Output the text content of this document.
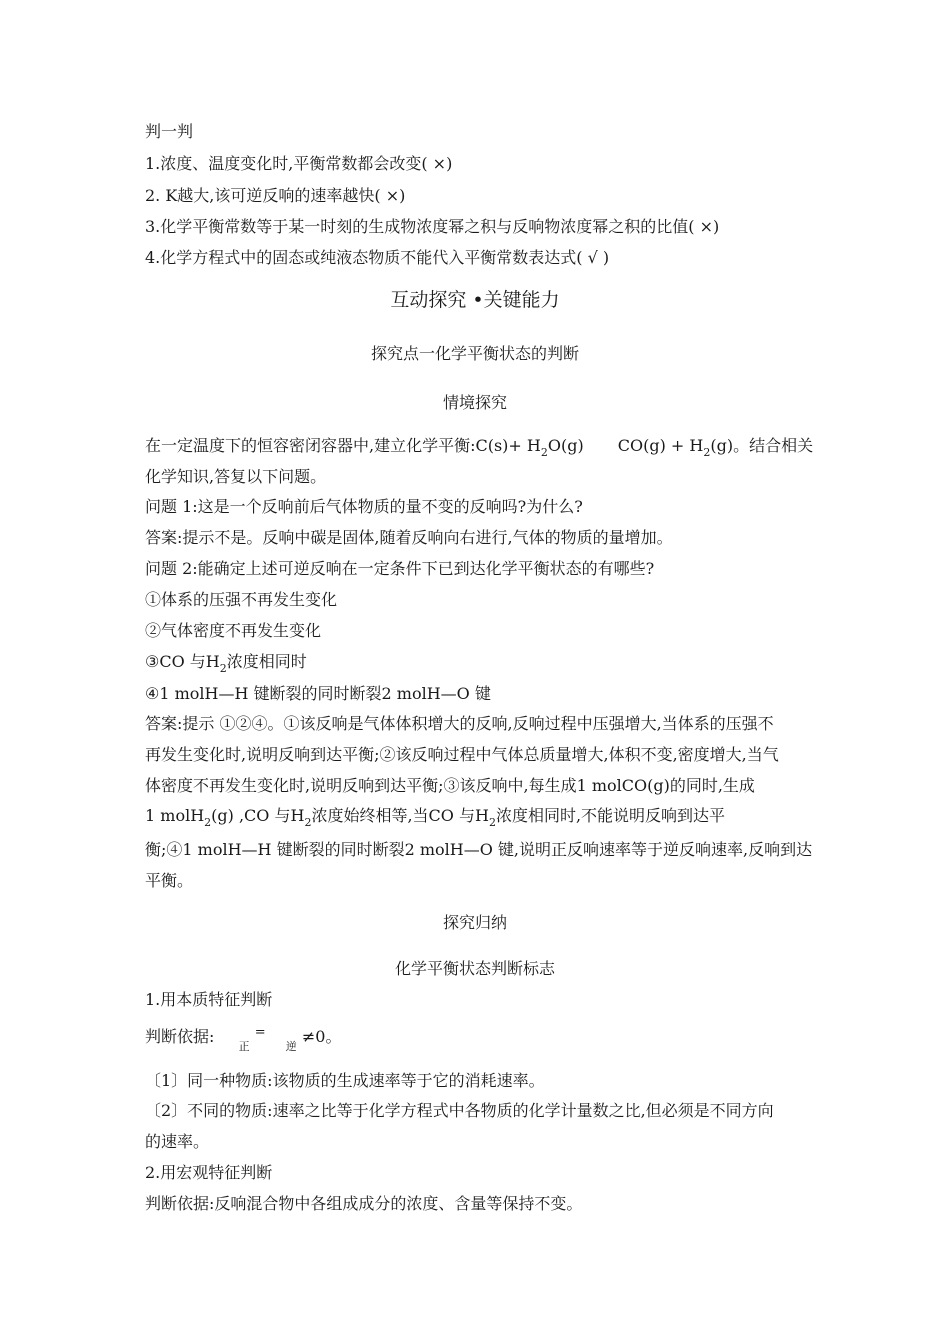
判一判
1.浓度、温度变化时,平衡常数都会改变( ×)
2. K越大,该可逆反响的速率越快( ×)
3.化学平衡常数等于某一时刻的生成物浓度幂之积与反响物浓度幂之积的比值( ×)
4.化学方程式中的固态或纯液态物质不能代入平衡常数表达式( √ )
互动探究 •关键能力
探究点一化学平衡状态的判断
情境探究
在一定温度下的恒容密闭容器中,建立化学平衡:C(s)+ $H_2O(g) CO(g) + H_2(g)$。结合相关
化学知识,答复以下问题。
问题 1:这是一个反响前后气体物质的量不变的反响吗?为什么?
答案:提示不是。反响中碳是固体,随着反响向右进行,气体的物质的量增加。
问题 2:能确定上述可逆反响在一定条件下已到达化学平衡状态的有哪些?
①体系的压强不再发生变化
②气体密度不再发生变化
③CO 与$H_2$浓度相同时
④1 molH—H 键断裂的同时断裂2 molH—O 键
答案:提示 ①②④。①该反响是气体体积增大的反响,反响过程中压强增大,当体系的压强不
再发生变化时,说明反响到达平衡;②该反响过程中气体总质量增大,体积不变,密度增大,当气
体密度不再发生变化时,说明反响到达平衡;③该反响中,每生成1 molCO(g)的同时,生成
1 molH$_2$(g) ,CO 与$H_2$浓度始终相等,当CO 与$H_2$浓度相同时,不能说明反响到达平
衡;④1 molH—H 键断裂的同时断裂2 molH—O 键,说明正反响速率等于逆反响速率,反响到达
平衡。
探究归纳
化学平衡状态判断标志
1.用本质特征判断
判断依据:  $_正$ =  $_逆$ ≠0。
〔1〕同一种物质:该物质的生成速率等于它的消耗速率。
〔2〕不同的物质:速率之比等于化学方程式中各物质的化学计量数之比,但必须是不同方向
的速率。
2.用宏观特征判断
判断依据:反响混合物中各组成成分的浓度、含量等保持不变。
